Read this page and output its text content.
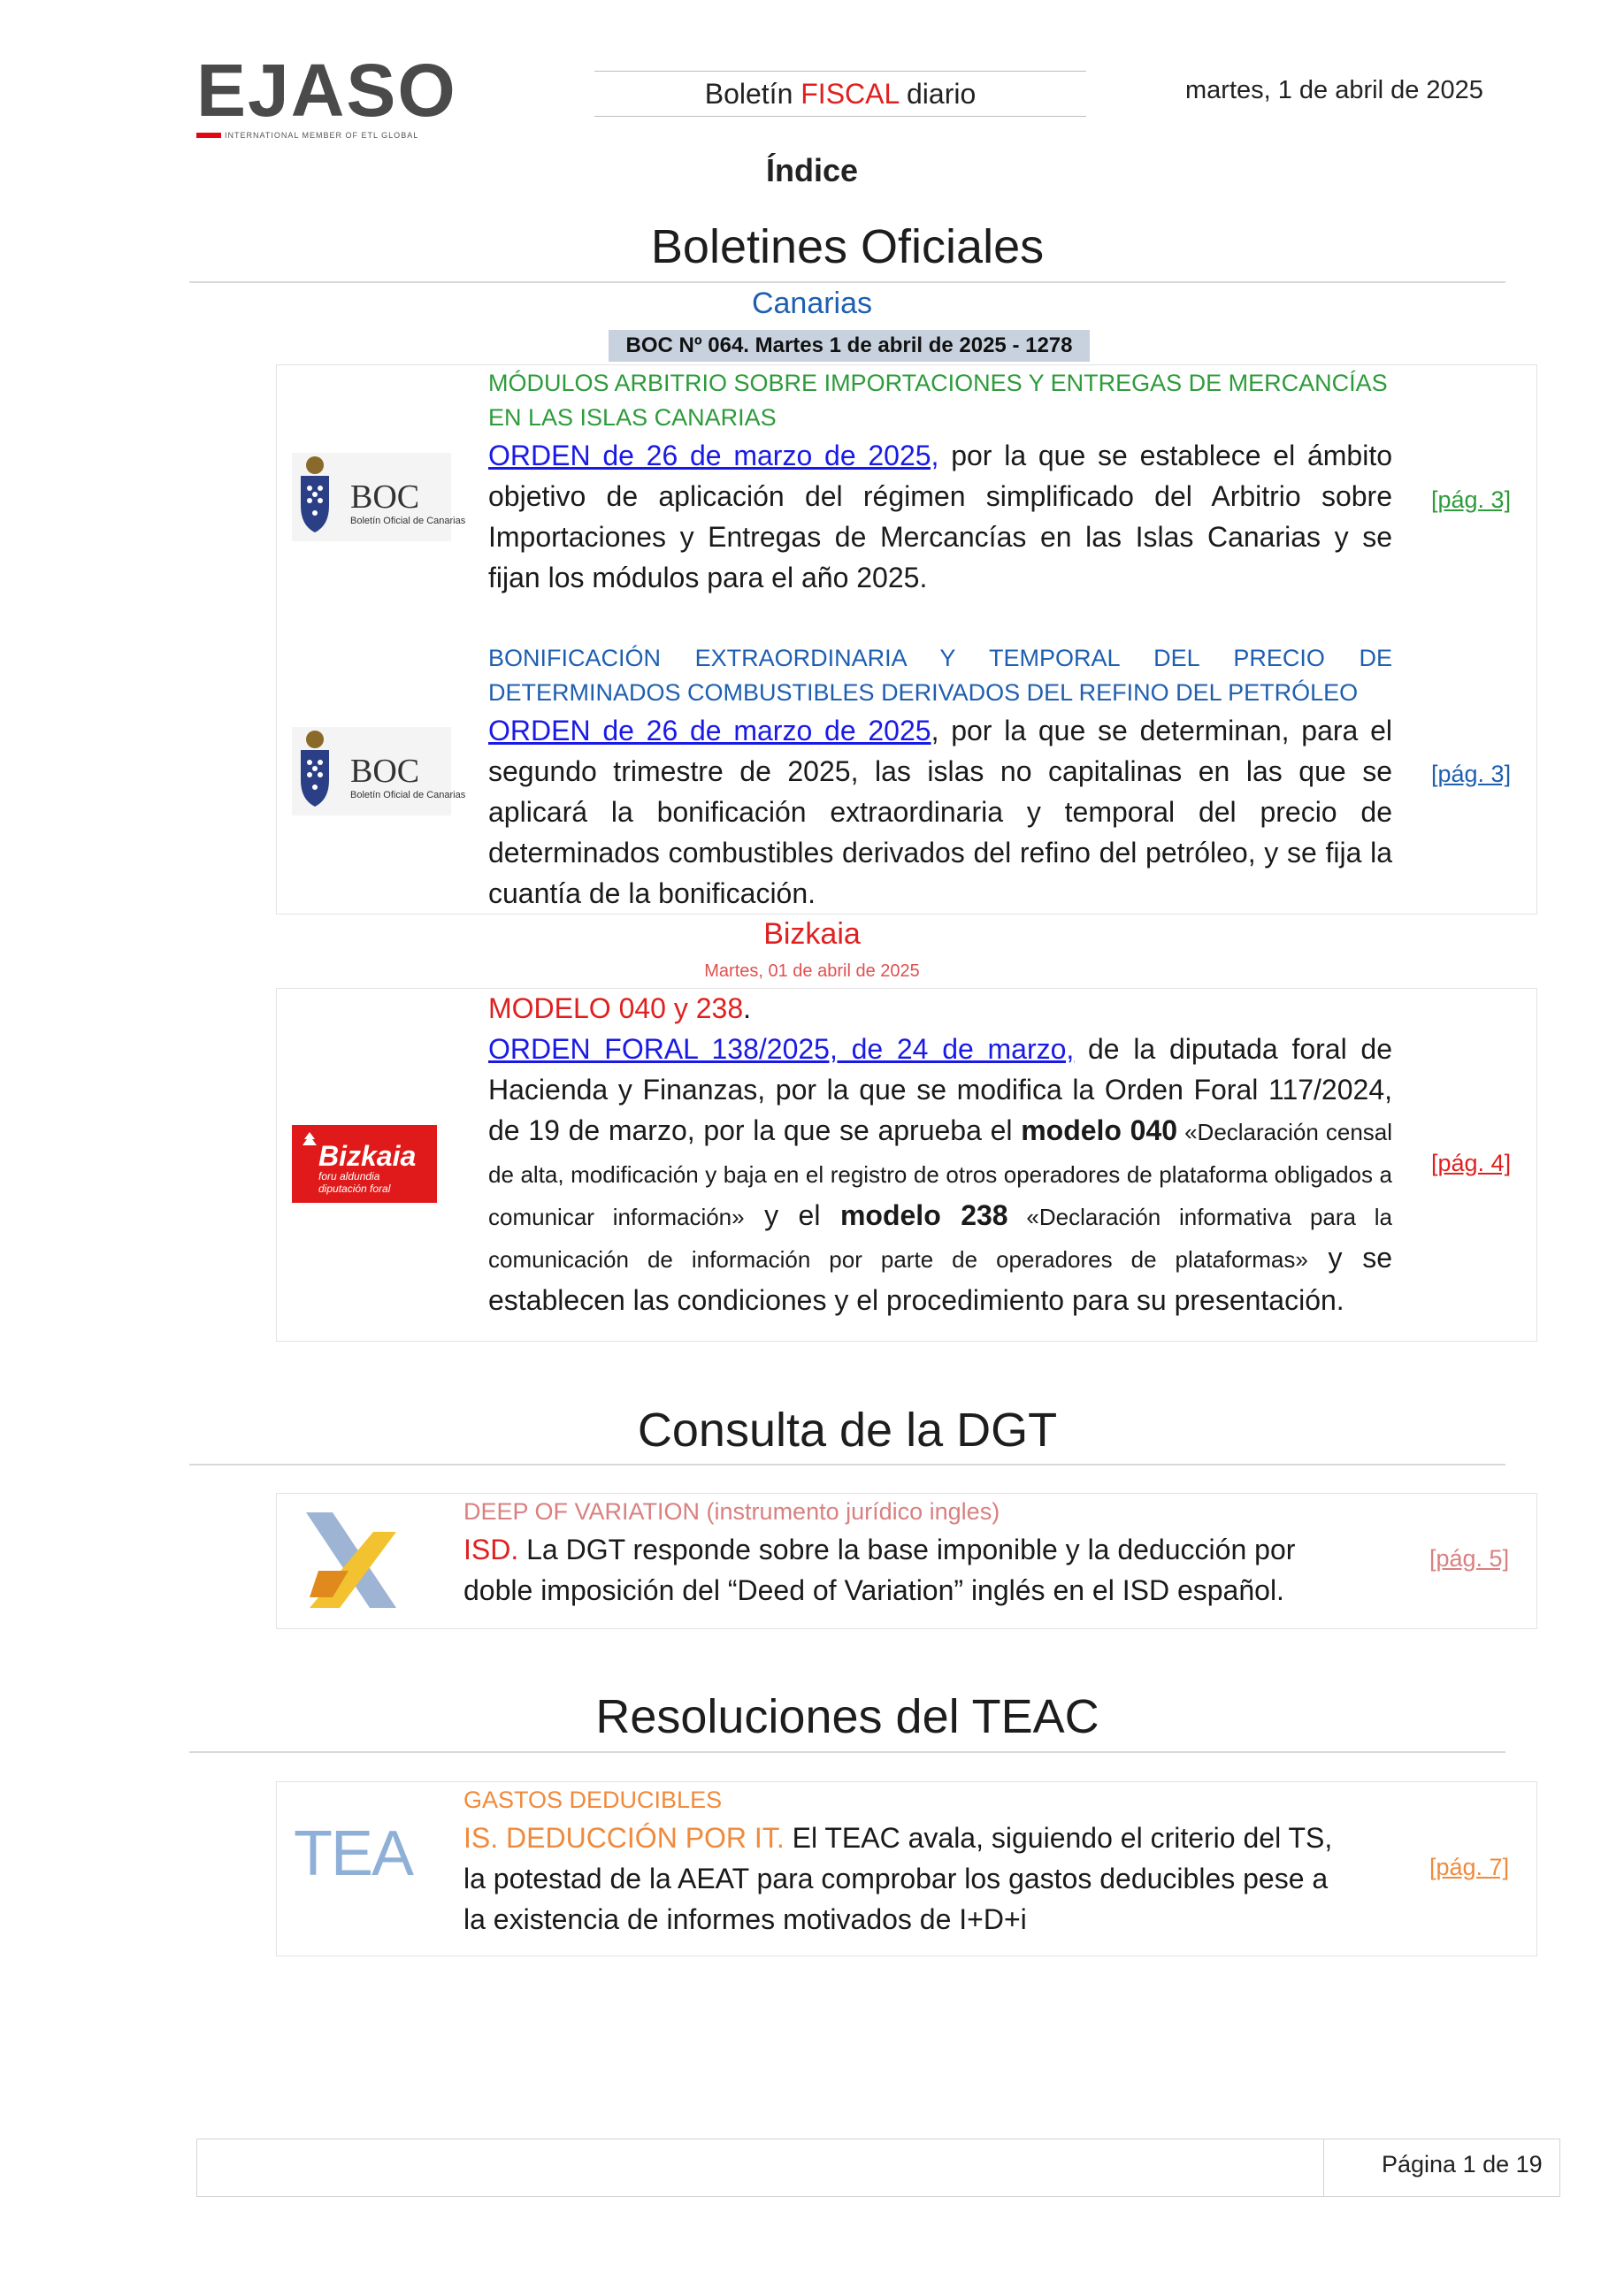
EJASO
INTERNATIONAL MEMBER OF ETL GLOBAL
Boletín FISCAL diario	martes, 1 de abril de 2025
Índice
Boletines Oficiales
Canarias
BOC Nº 064. Martes 1 de abril de 2025 - 1278
BOC
Boletín Oficial de Canarias
MÓDULOS ARBITRIO SOBRE IMPORTACIONES Y ENTREGAS DE MERCANCÍAS EN LAS ISLAS CANARIAS
ORDEN de 26 de marzo de 2025, por la que se establece el ámbito objetivo de aplicación del régimen simplificado del Arbitrio sobre Importaciones y Entregas de Mercancías en las Islas Canarias y se fijan los módulos para el año 2025.
[pág. 3]
BOC
Boletín Oficial de Canarias
BONIFICACIÓN EXTRAORDINARIA Y TEMPORAL DEL PRECIO DE DETERMINADOS COMBUSTIBLES DERIVADOS DEL REFINO DEL PETRÓLEO
ORDEN de 26 de marzo de 2025, por la que se determinan, para el segundo trimestre de 2025, las islas no capitalinas en las que se aplicará la bonificación extraordinaria y temporal del precio de determinados combustibles derivados del refino del petróleo, y se fija la cuantía de la bonificación.
[pág. 3]
Bizkaia
Martes, 01 de abril de 2025
Bizkaia
foru aldundia
diputación foral
MODELO 040 y 238.
ORDEN FORAL 138/2025, de 24 de marzo, de la diputada foral de Hacienda y Finanzas, por la que se modifica la Orden Foral 117/2024, de 19 de marzo, por la que se aprueba el modelo 040 «Declaración censal de alta, modificación y baja en el registro de otros operadores de plataforma obligados a comunicar información» y el modelo 238 «Declaración informativa para la comunicación de información por parte de operadores de plataformas» y se establecen las condiciones y el procedimiento para su presentación.
[pág. 4]
Consulta de la DGT
DEEP OF VARIATION (instrumento jurídico ingles)
ISD. La DGT responde sobre la base imponible y la deducción por doble imposición del “Deed of Variation” inglés en el ISD español.
[pág. 5]
Resoluciones del TEAC
TEA
GASTOS DEDUCIBLES
IS. DEDUCCIÓN POR IT. El TEAC avala, siguiendo el criterio del TS, la potestad de la AEAT para comprobar los gastos deducibles pese a la existencia de informes motivados de I+D+i
[pág. 7]
Página 1 de 19
